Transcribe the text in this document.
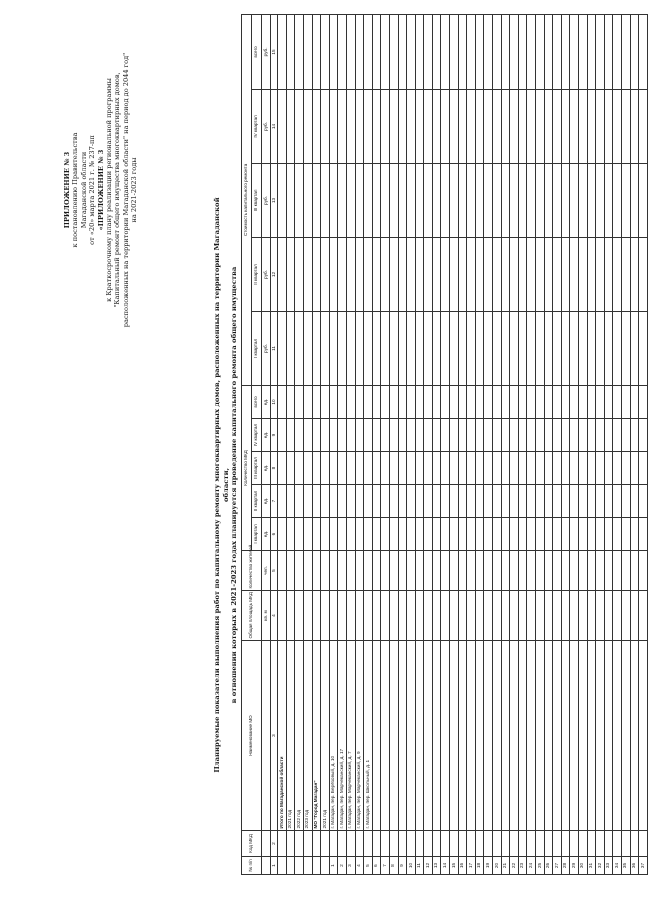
ПРИЛОЖЕНИЕ № 3 к постановлению Правительства Магаданской области от «20» марта 2021 г. № 237-пп «ПРИЛОЖЕНИЕ № 3 к Краткосрочному плану реализации региональной программы "Капитальный ремонт общего имущества многоквартирных домов, расположенных на территории Магаданской области" на период до 2044 год" на 2021-2023 годы
Планируемые показатели выполнения работ по капитальному ремонту многоквартирных домов, расположенных на территории Магаданской области, в отношении которых в 2021-2023 годах планируется проведение капитального ремонта общего имущества
№ п/п	Код МКД	Наименование МО	Общая площадь МКД	Количество жителей	Количество МКД					Стоимость капитального ремонта				
					I квартал	II квартал	III квартал	IV квартал	всего	I квартал	II квартал	III квартал	IV квартал	всего
			кв. м	чел.	ед.	ед.	ед.	ед.	ед.	руб.	руб.	руб.	руб.	руб.
1	2	3	4	5	6	7	8	9	10	11	12	13	14	15
		Итого по Магаданской области												
		2021 год												
		2022 год												
		2023 год												
		МО "Город Магадан"												
		2021 год												
1		г. Магадан, пер. Берёзовый, д. 10												
2		г. Магадан, пер. Марчеканский, д. 17												
3		г. Магадан, пер. Марчеканский, д. 7												
4		г. Магадан, пер. Марчеканский, д. 9												
5		г. Магадан, пер. Школьный, д. 1												
6														
7														
8														
9														
10														
11														
12														
13														
14														
15														
16														
17														
18														
19														
20														
21														
22														
23														
24														
25														
26														
27														
28														
29														
30														
31														
32														
33														
34														
35														
36														
37														
